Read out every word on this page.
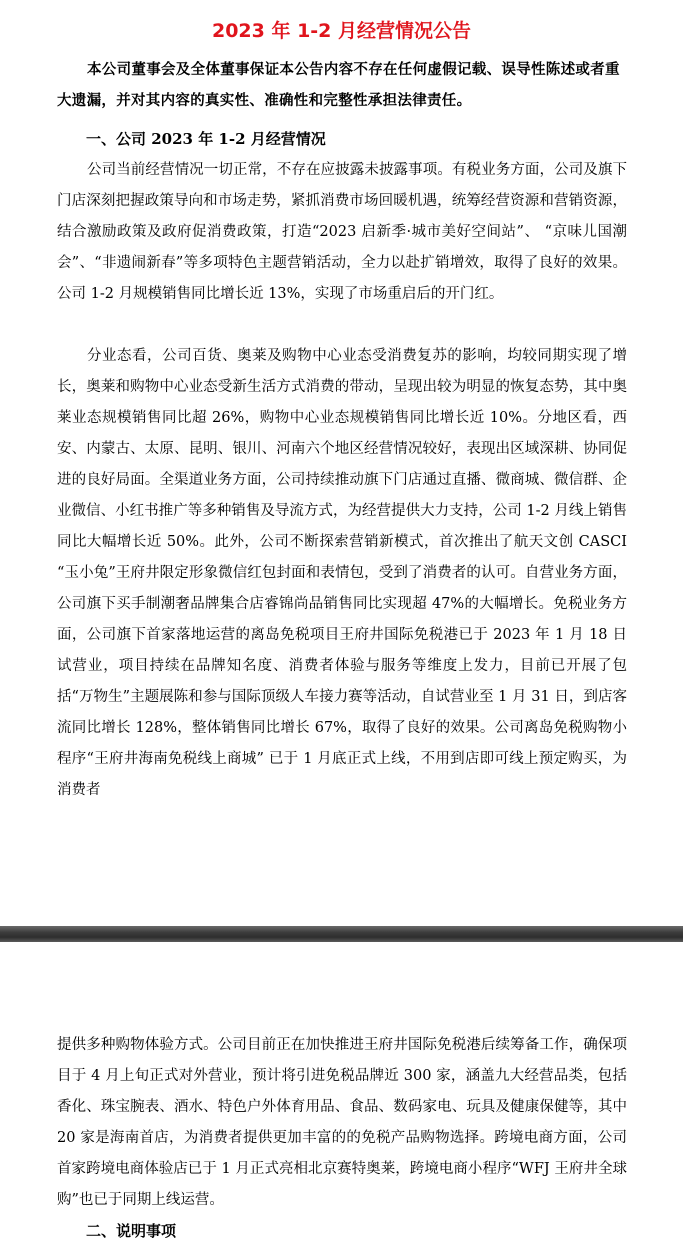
2023 年 1-2 月经营情况公告

本公司董事会及全体董事保证本公告内容不存在任何虚假记载、误导性陈述或者重大遗漏，并对其内容的真实性、准确性和完整性承担法律责任。

一、公司 2023 年 1-2 月经营情况

公司当前经营情况一切正常，不存在应披露未披露事项。有税业务方面，公司及旗下门店深刻把握政策导向和市场走势，紧抓消费市场回暖机遇，统筹经营资源和营销资源，结合激励政策及政府促消费政策，打造“2023 启新季·城市美好空间站”、 “京味儿国潮会”、“非遗闹新春”等多项特色主题营销活动，全力以赴扩销增效，取得了良好的效果。公司 1-2 月规模销售同比增长近 13%，实现了市场重启后的开门红。

分业态看，公司百货、奥莱及购物中心业态受消费复苏的影响，均较同期实现了增长，奥莱和购物中心业态受新生活方式消费的带动，呈现出较为明显的恢复态势，其中奥莱业态规模销售同比超 26%，购物中心业态规模销售同比增长近 10%。分地区看，西安、内蒙古、太原、昆明、银川、河南六个地区经营情况较好，表现出区域深耕、协同促进的良好局面。全渠道业务方面，公司持续推动旗下门店通过直播、微商城、微信群、企业微信、小红书推广等多种销售及导流方式，为经营提供大力支持，公司 1-2 月线上销售同比大幅增长近 50%。此外，公司不断探索营销新模式，首次推出了航天文创 CASCI “玉小兔”王府井限定形象微信红包封面和表情包，受到了消费者的认可。自营业务方面，公司旗下买手制潮奢品牌集合店睿锦尚品销售同比实现超 47%的大幅增长。免税业务方面，公司旗下首家落地运营的离岛免税项目王府井国际免税港已于 2023 年 1 月 18 日试营业，项目持续在品牌知名度、消费者体验与服务等维度上发力，目前已开展了包括“万物生”主题展陈和参与国际顶级人车接力赛等活动，自试营业至 1 月 31 日，到店客流同比增长 128%，整体销售同比增长 67%，取得了良好的效果。公司离岛免税购物小程序“王府井海南免税线上商城” 已于 1 月底正式上线，不用到店即可线上预定购买，为消费者

提供多种购物体验方式。公司目前正在加快推进王府井国际免税港后续筹备工作，确保项目于 4 月上旬正式对外营业，预计将引进免税品牌近 300 家，涵盖九大经营品类，包括香化、珠宝腕表、酒水、特色户外体育用品、食品、数码家电、玩具及健康保健等，其中 20 家是海南首店，为消费者提供更加丰富的的免税产品购物选择。跨境电商方面，公司首家跨境电商体验店已于 1 月正式亮相北京赛特奥莱，跨境电商小程序“WFJ 王府井全球购”也已于同期上线运营。

二、说明事项
